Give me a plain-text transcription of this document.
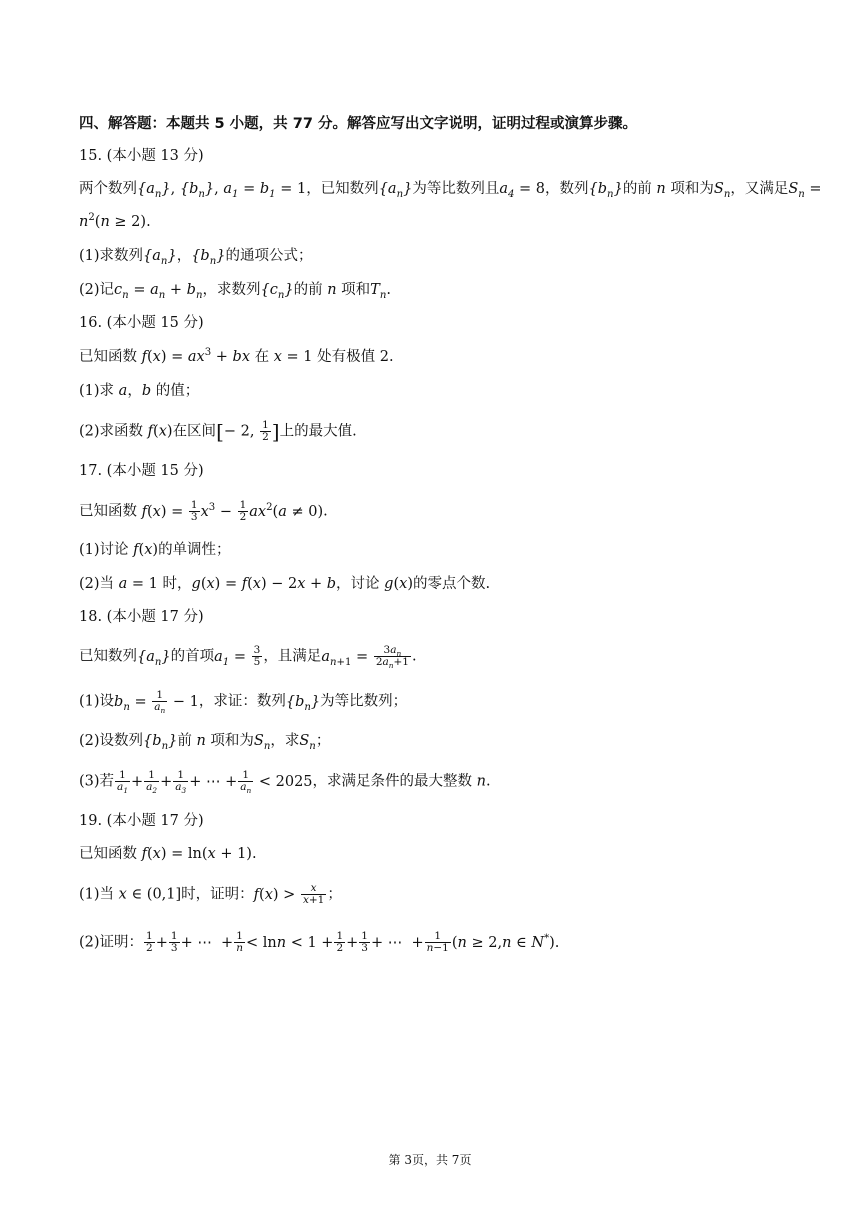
四、解答题：本题共 5 小题，共 77 分。解答应写出文字说明，证明过程或演算步骤。
15. (本小题 13 分)
两个数列$\{a_n\}$, $\{b_n\}$, $a_1 = b_1 = 1$，已知数列$\{a_n\}$为等比数列且$a_4 = 8$，数列$\{b_n\}$的前 n 项和为$S_n$，又满足$S_n$ =
$n^2(n \ge 2)$.
(1)求数列$\{a_n\}$，$\{b_n\}$的通项公式；
(2)记$c_n = a_n + b_n$，求数列$\{c_n\}$的前 n 项和$T_n$.
16. (本小题 15 分)
已知函数 $f(x) = ax^3$ + bx 在 x = 1 处有极值 2.
(1)求 a，b 的值；
(2)求函数 f(x)在区间[− 2, $\frac{1}{2}$ ]上的最大值.
17. (本小题 15 分)
已知函数 $f(x) = \frac{1}{3} x^3 - \frac{1}{2} ax^2(a \ne 0)$.
(1)讨论 f(x)的单调性；
(2)当 a = 1 时，g(x) = f(x) − 2x + b，讨论 g(x)的零点个数.
18. (本小题 17 分)
已知数列$\{a_n\}$的首项$a_1 = \frac{3}{5}$ ，且满足$a_{n+1} = \frac{3a_n}{2a_n+1}$ .
(1)设$b_n = \frac{1}{a_n} - 1$，求证：数列$\{b_n\}$为等比数列；
(2)设数列$\{b_n\}$前 n 项和为$S_n$，求$S_n$；
(3)若 $\frac{1}{a_1} + \frac{1}{a_2} + \frac{1}{a_3}$ + ⋯ + $\frac{1}{a_n} < 2025$，求满足条件的最大整数 n.
19. (本小题 17 分)
已知函数 f(x) = ln(x + 1).
(1)当 x ∈ (0,1]时，证明：$f(x) > \frac{x}{x+1}$ ；
(2)证明： $\frac{1}{2} + \frac{1}{3}$ + ⋯  + $\frac{1}{n} < \ln n < 1 + \frac{1}{2} + \frac{1}{3}$ + ⋯  + $\frac{1}{n-1} (n \ge 2,n$ ∈ N*).
第 3页，共 7页
